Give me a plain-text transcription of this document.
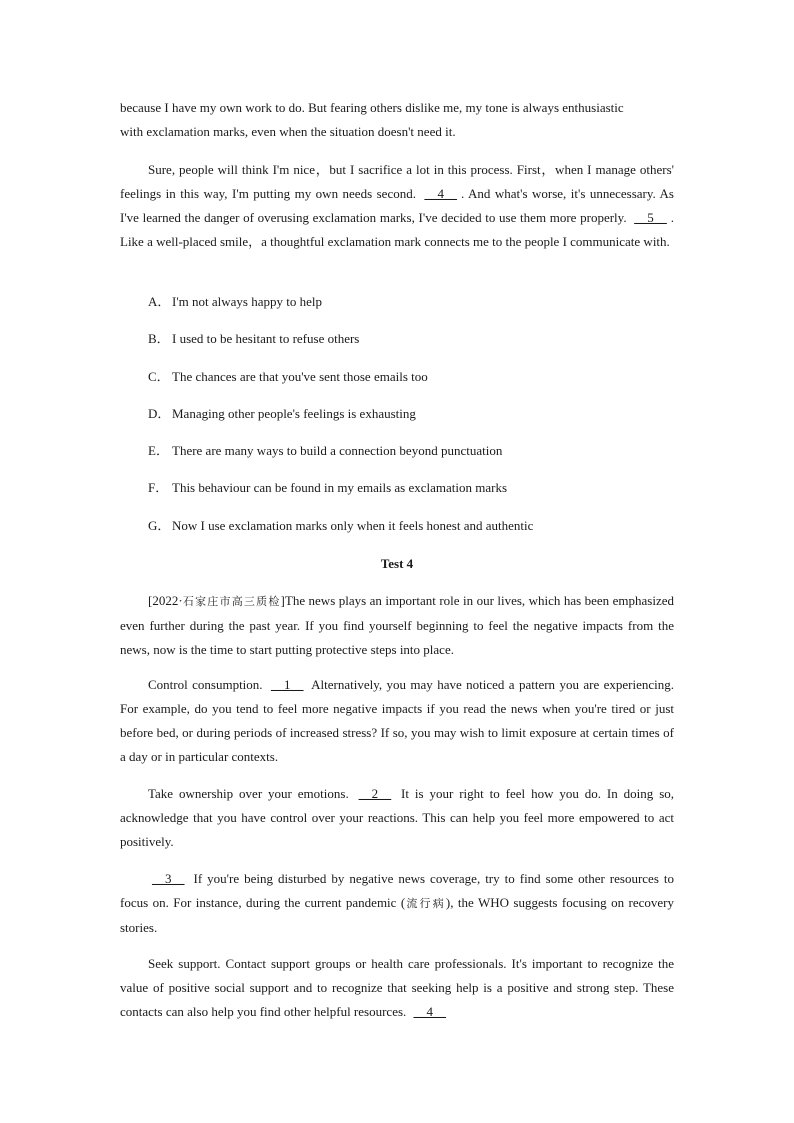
because I have my own work to do. But fearing others dislike me, my tone is always enthusiastic
with exclamation marks, even when the situation doesn't need it.

Sure, people will think I'm nice，but I sacrifice a lot in this process. First，when I manage others' feelings in this way, I'm putting my own needs second. __4__ . And what's worse, it's unnecessary. As I've learned the danger of overusing exclamation marks, I've decided to use them more properly. __5__ . Like a well-placed smile，a thoughtful exclamation mark connects me to the people I communicate with.

A． I'm not always happy to help

B． I used to be hesitant to refuse others

C． The chances are that you've sent those emails too

D． Managing other people's feelings is exhausting

E． There are many ways to build a connection beyond punctuation

F． This behaviour can be found in my emails as exclamation marks

G． Now I use exclamation marks only when it feels honest and authentic

Test 4

[2022·石家庄市高三质检]The news plays an important role in our lives, which has been emphasized even further during the past year. If you find yourself beginning to feel the negative impacts from the news, now is the time to start putting protective steps into place.

Control consumption. __1__ Alternatively, you may have noticed a pattern you are experiencing. For example, do you tend to feel more negative impacts if you read the news when you're tired or just before bed, or during periods of increased stress? If so, you may wish to limit exposure at certain times of a day or in particular contexts.

Take ownership over your emotions. __2__ It is your right to feel how you do. In doing so, acknowledge that you have control over your reactions. This can help you feel more empowered to act positively.

__3__ If you're being disturbed by negative news coverage, try to find some other resources to focus on. For instance, during the current pandemic (流行病), the WHO suggests focusing on recovery stories.

Seek support. Contact support groups or health care professionals. It's important to recognize the value of positive social support and to recognize that seeking help is a positive and strong step. These contacts can also help you find other helpful resources. __4__
